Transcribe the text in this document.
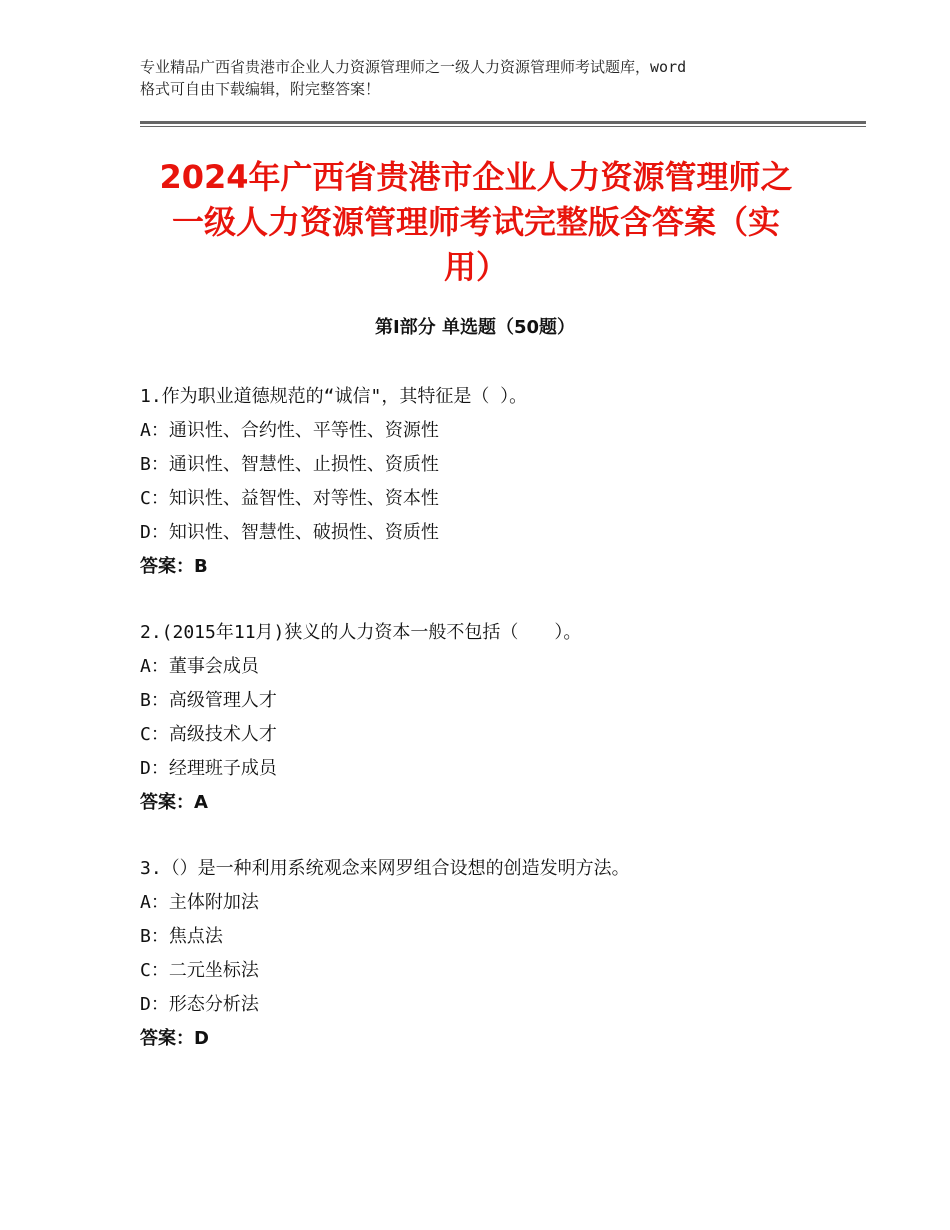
专业精品广西省贵港市企业人力资源管理师之一级人力资源管理师考试题库，word
格式可自由下载编辑，附完整答案！
2024年广西省贵港市企业人力资源管理师之
一级人力资源管理师考试完整版含答案（实
用）
第Ⅰ部分 单选题（50题）
1.作为职业道德规范的“诚信"，其特征是（ ）。
A：通识性、合约性、平等性、资源性
B：通识性、智慧性、止损性、资质性
C：知识性、益智性、对等性、资本性
D：知识性、智慧性、破损性、资质性
答案：B
2.(2015年11月)狭义的人力资本一般不包括（　　）。
A：董事会成员
B：高级管理人才
C：高级技术人才
D：经理班子成员
答案：A
3.（）是一种利用系统观念来网罗组合设想的创造发明方法。
A：主体附加法
B：焦点法
C：二元坐标法
D：形态分析法
答案：D
